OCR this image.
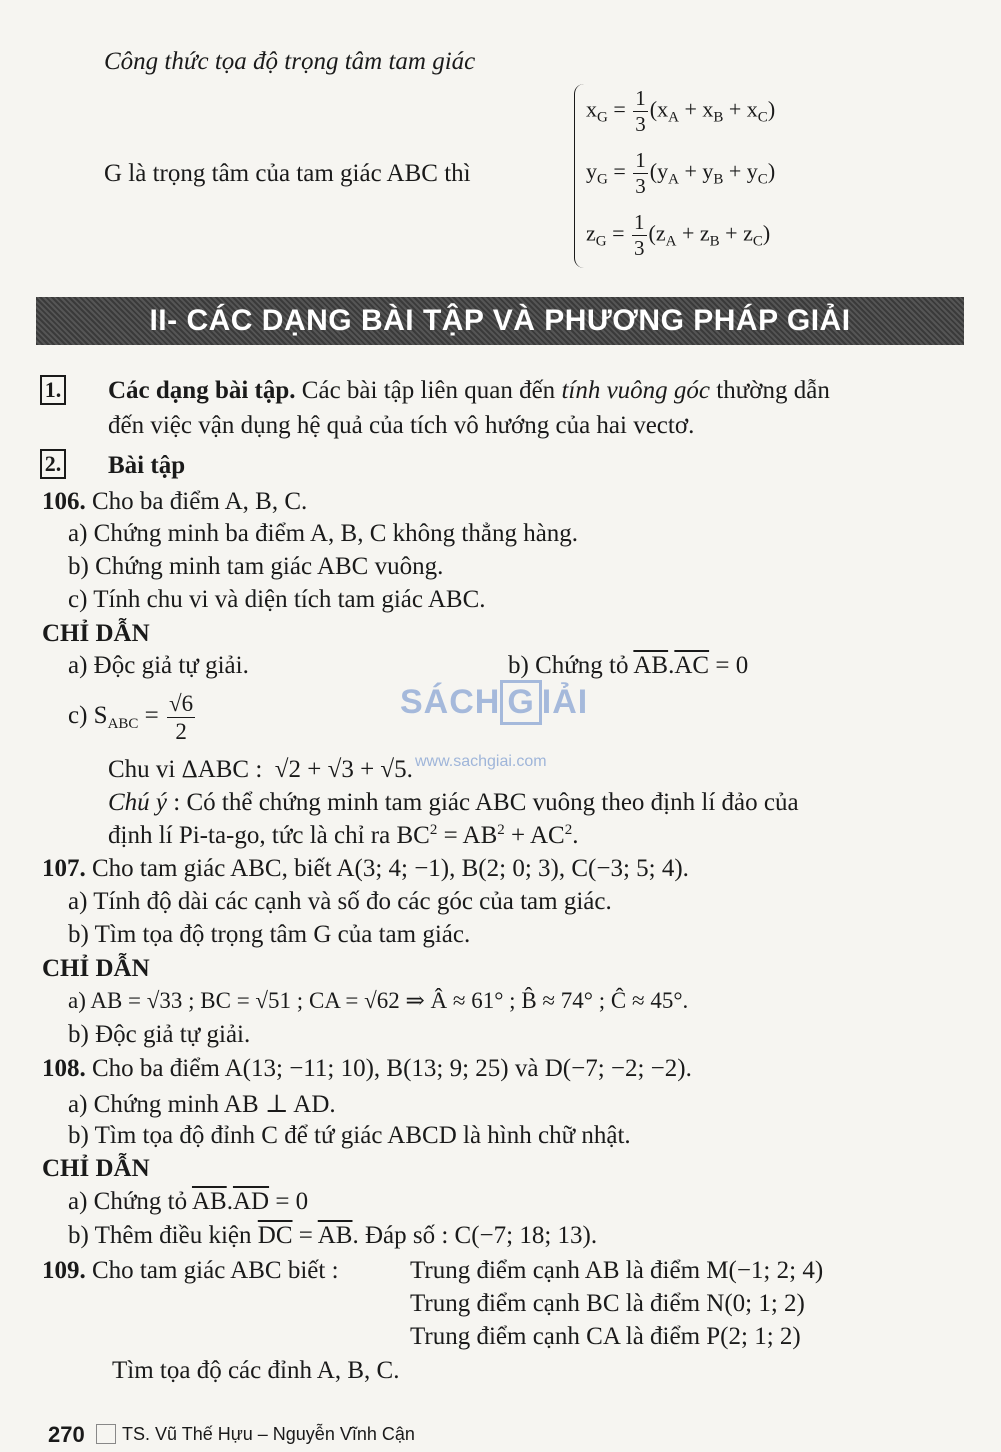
Công thức tọa độ trọng tâm tam giác
G là trọng tâm của tam giác ABC thì
$x_G = \frac{1}{3} (x_A + x_B + x_C)$
$y_G = \frac{1}{3} (y_A + y_B + y_C)$
$z_G = \frac{1}{3} (z_A + z_B + z_C)$
II- CÁC DẠNG BÀI TẬP VÀ PHƯƠNG PHÁP GIẢI
1. Các dạng bài tập. Các bài tập liên quan đến tính vuông góc thường dẫn
đến việc vận dụng hệ quả của tích vô hướng của hai vectơ.
2. Bài tập
106. Cho ba điểm A, B, C.
a) Chứng minh ba điểm A, B, C không thẳng hàng.
b) Chứng minh tam giác ABC vuông.
c) Tính chu vi và diện tích tam giác ABC.
CHỈ DẪN
a) Độc giả tự giải.	b) Chứng tỏ $\overline{AB}.\overline{AC} = 0$
c) $S_{ABC} = \frac{√6}{2}$
Chu vi ΔABC : √2 + √3 + √5.
Chú ý : Có thể chứng minh tam giác ABC vuông theo định lí đảo của
định lí Pi-ta-go, tức là chỉ ra $BC^2 = AB^2 + AC^2$.
107. Cho tam giác ABC, biết A(3; 4; −1), B(2; 0; 3), C(−3; 5; 4).
a) Tính độ dài các cạnh và số đo các góc của tam giác.
b) Tìm tọa độ trọng tâm G của tam giác.
CHỈ DẪN
a) AB = √33 ; BC = √51 ; CA = √62 ⇒ Â ≈ 61° ; B̂ ≈ 74° ; Ĉ ≈ 45°.
b) Độc giả tự giải.
108. Cho ba điểm A(13; −11; 10), B(13; 9; 25) và D(−7; −2; −2).
a) Chứng minh AB ⊥ AD.
b) Tìm tọa độ đỉnh C để tứ giác ABCD là hình chữ nhật.
CHỈ DẪN
a) Chứng tỏ $\overline{AB}.\overline{AD} = 0$
b) Thêm điều kiện $\overline{DC} = \overline{AB}$. Đáp số : C(−7; 18; 13).
109. Cho tam giác ABC biết :	Trung điểm cạnh AB là điểm M(−1; 2; 4)
Trung điểm cạnh BC là điểm N(0; 1; 2)
Trung điểm cạnh CA là điểm P(2; 1; 2)
Tìm tọa độ các đỉnh A, B, C.
SÁCH G IẢI
www.sachgiai.com
270 TS. Vũ Thế Hựu – Nguyễn Vĩnh Cận
